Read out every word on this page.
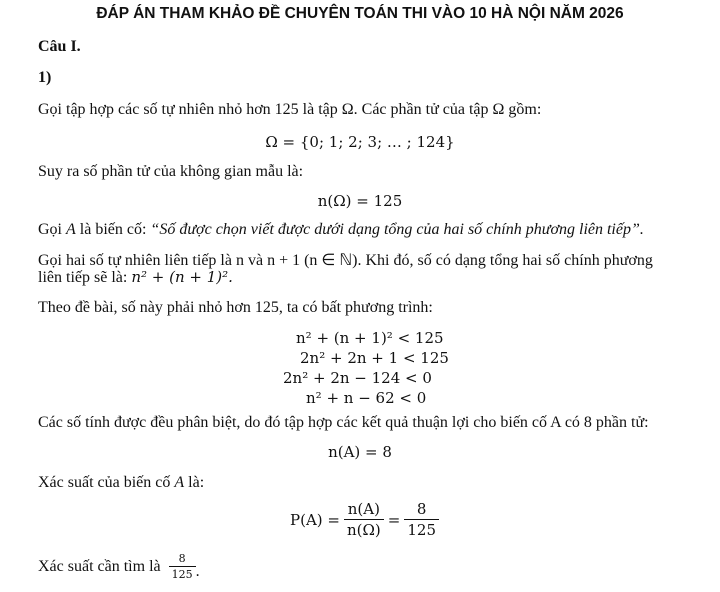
ĐÁP ÁN THAM KHẢO ĐỀ CHUYÊN TOÁN THI VÀO 10 HÀ NỘI NĂM 2026
Câu I.
1)
Gọi tập hợp các số tự nhiên nhỏ hơn 125 là tập Ω. Các phần tử của tập Ω gồm:
Ω = {0; 1; 2; 3; … ; 124}
Suy ra số phần tử của không gian mẫu là:
n(Ω) = 125
Gọi A là biến cố: “Số được chọn viết được dưới dạng tổng của hai số chính phương liên tiếp”.
Gọi hai số tự nhiên liên tiếp là n và n + 1 (n ∈ ℕ). Khi đó, số có dạng tổng hai số chính phương
liên tiếp sẽ là: n² + (n + 1)².
Theo đề bài, số này phải nhỏ hơn 125, ta có bất phương trình:
n² + (n + 1)² < 125
2n² + 2n + 1 < 125
2n² + 2n − 124 < 0
n² + n − 62 < 0
Các số tính được đều phân biệt, do đó tập hợp các kết quả thuận lợi cho biến cố A có 8 phần tử:
n(A) = 8
Xác suất của biến cố A là:
$P(A) = \frac{n(A)}{n(\Omega)} = \frac{8}{125}$
Xác suất cần tìm là $\frac{8}{125}$ .
